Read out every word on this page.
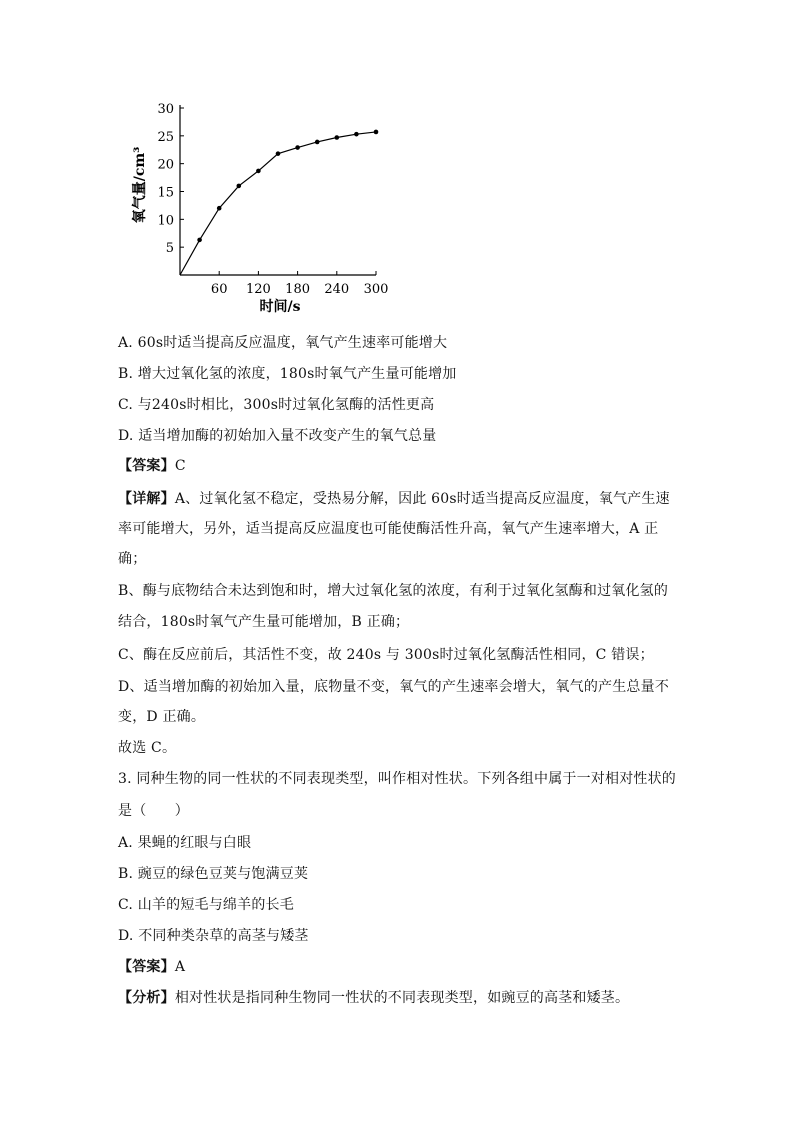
5
10
15
20
25
30
60 120 180 240 300
氧气量/cm³
时间/s
A. 60s时适当提高反应温度，氧气产生速率可能增大
B. 增大过氧化氢的浓度，180s时氧气产生量可能增加
C. 与240s时相比，300s时过氧化氢酶的活性更高
D. 适当增加酶的初始加入量不改变产生的氧气总量
【答案】C
【详解】A、过氧化氢不稳定，受热易分解，因此 60s时适当提高反应温度，氧气产生速
率可能增大，另外，适当提高反应温度也可能使酶活性升高，氧气产生速率增大，A 正
确；
B、酶与底物结合未达到饱和时，增大过氧化氢的浓度，有利于过氧化氢酶和过氧化氢的
结合，180s时氧气产生量可能增加，B 正确；
C、酶在反应前后，其活性不变，故 240s 与 300s时过氧化氢酶活性相同，C 错误；
D、适当增加酶的初始加入量，底物量不变，氧气的产生速率会增大，氧气的产生总量不
变，D 正确。
故选 C。
3. 同种生物的同一性状的不同表现类型，叫作相对性状。下列各组中属于一对相对性状的
是（　　）
A. 果蝇的红眼与白眼
B. 豌豆的绿色豆荚与饱满豆荚
C. 山羊的短毛与绵羊的长毛
D. 不同种类杂草的高茎与矮茎
【答案】A
【分析】相对性状是指同种生物同一性状的不同表现类型，如豌豆的高茎和矮茎。
